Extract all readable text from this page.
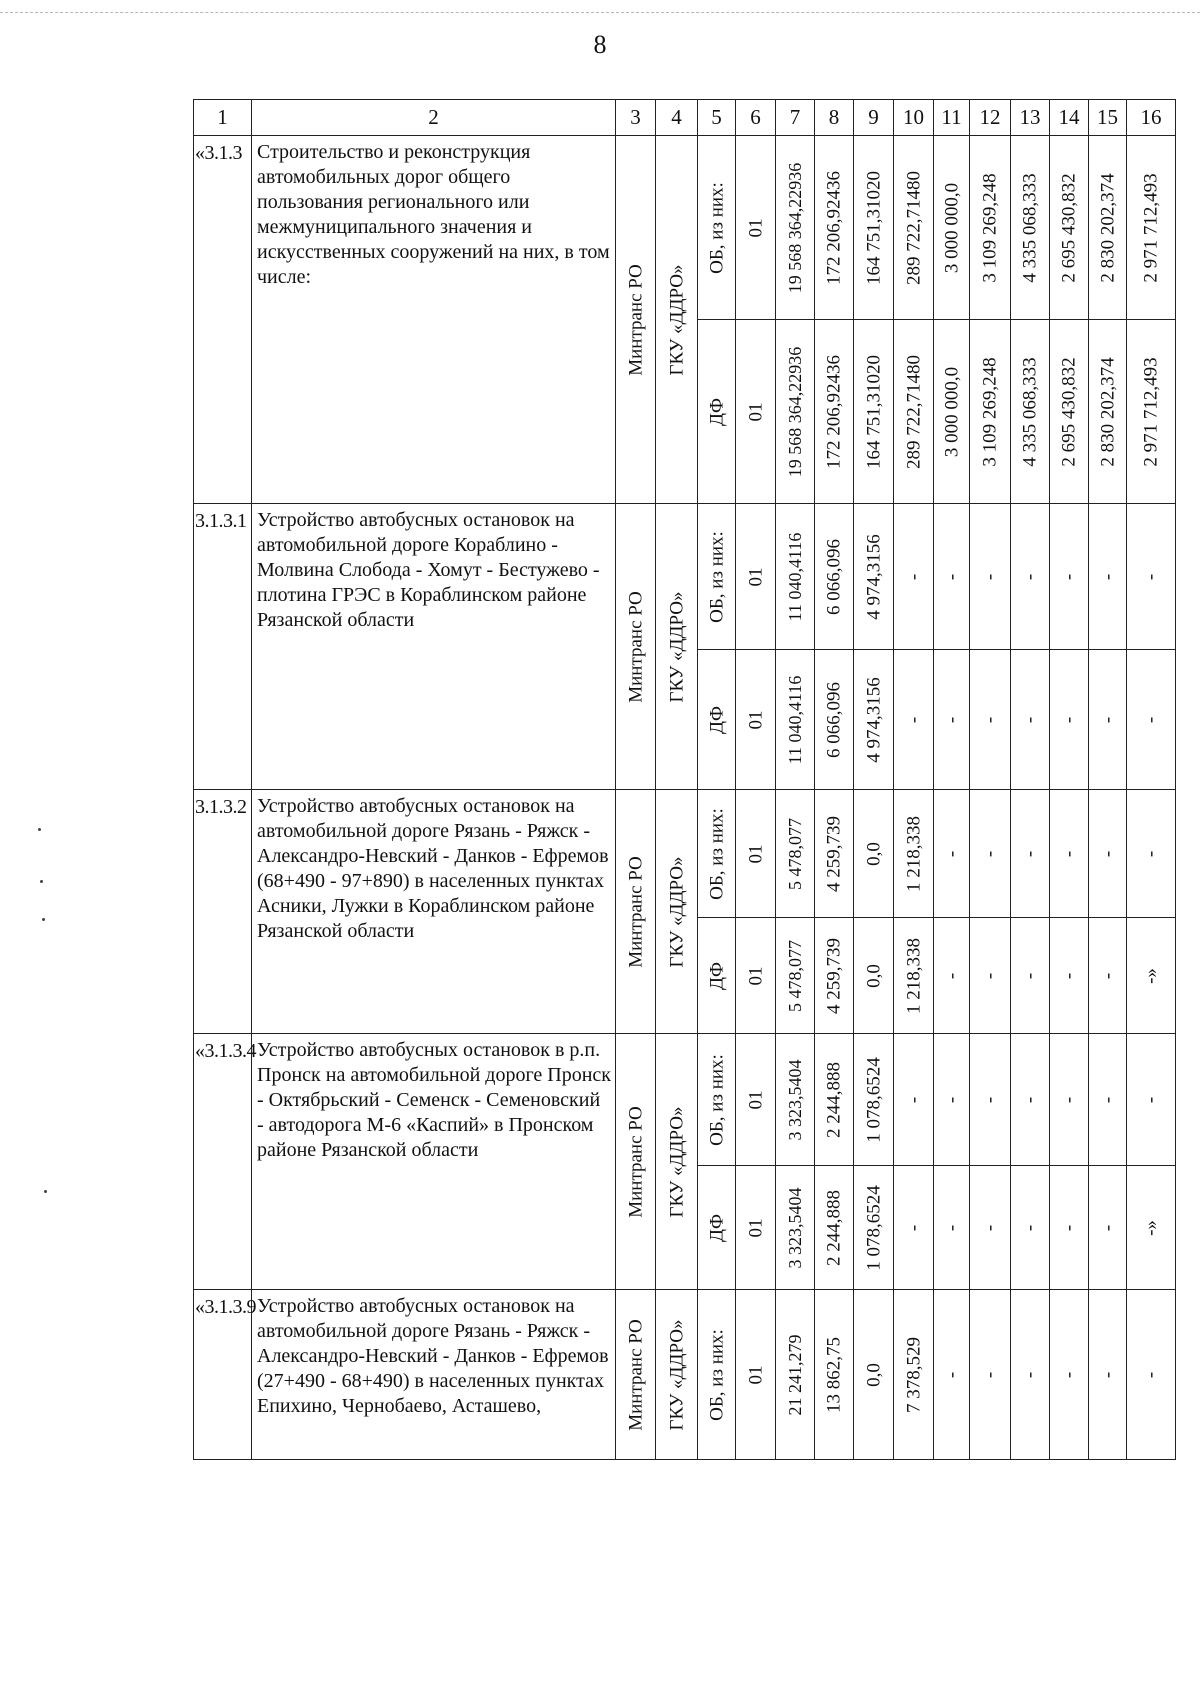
8
1	2	3	4	5	6	7	8	9	10	11	12	13	14	15	16
«3.1.3	Строительство и реконструкция автомобильных дорог общего пользования регионального или межмуниципального значения и искусственных сооружений на них, в том числе:	Минтранс РО	ГКУ «ДДРО»	ОБ, из них:	01	19 568 364,22936	172 206,92436	164 751,31020	289 722,71480	3 000 000,0	3 109 269,248	4 335 068,333	2 695 430,832	2 830 202,374	2 971 712,493

				ДФ	01	19 568 364,22936	172 206,92436	164 751,31020	289 722,71480	3 000 000,0	3 109 269,248	4 335 068,333	2 695 430,832	2 830 202,374	2 971 712,493

3.1.3.1	Устройство автобусных остановок на автомобильной дороге Кораблино - Молвина Слобода - Хомут - Бестужево - плотина ГРЭС в Кораблинском районе Рязанской области	Минтранс РО	ГКУ «ДДРО»	ОБ, из них:	01	11 040,4116	6 066,096	4 974,3156	-	-	-	-	-	-	-

				ДФ	01	11 040,4116	6 066,096	4 974,3156	-	-	-	-	-	-	-

3.1.3.2	Устройство автобусных остановок на автомобильной дороге Рязань - Ряжск - Александро-Невский - Данков - Ефремов (68+490 - 97+890) в населенных пунктах Асники, Лужки в Кораблинском районе Рязанской области	Минтранс РО	ГКУ «ДДРО»	ОБ, из них:	01	5 478,077	4 259,739	0,0	1 218,338	-	-	-	-	-	-

				ДФ	01	5 478,077	4 259,739	0,0	1 218,338	-	-	-	-	-	-»

«3.1.3.4	Устройство автобусных остановок в р.п. Пронск на автомобильной дороге Пронск - Октябрьский - Семенск - Семеновский - автодорога М-6 «Каспий» в Пронском районе Рязанской области	Минтранс РО	ГКУ «ДДРО»	ОБ, из них:	01	3 323,5404	2 244,888	1 078,6524	-	-	-	-	-	-	-

				ДФ	01	3 323,5404	2 244,888	1 078,6524	-	-	-	-	-	-	-»

«3.1.3.9	Устройство автобусных остановок на автомобильной дороге Рязань - Ряжск - Александро-Невский - Данков - Ефремов (27+490 - 68+490) в населенных пунктах Епихино, Чернобаево, Асташево,	Минтранс РО	ГКУ «ДДРО»	ОБ, из них:	01	21 241,279	13 862,75	0,0	7 378,529	-	-	-	-	-	-
